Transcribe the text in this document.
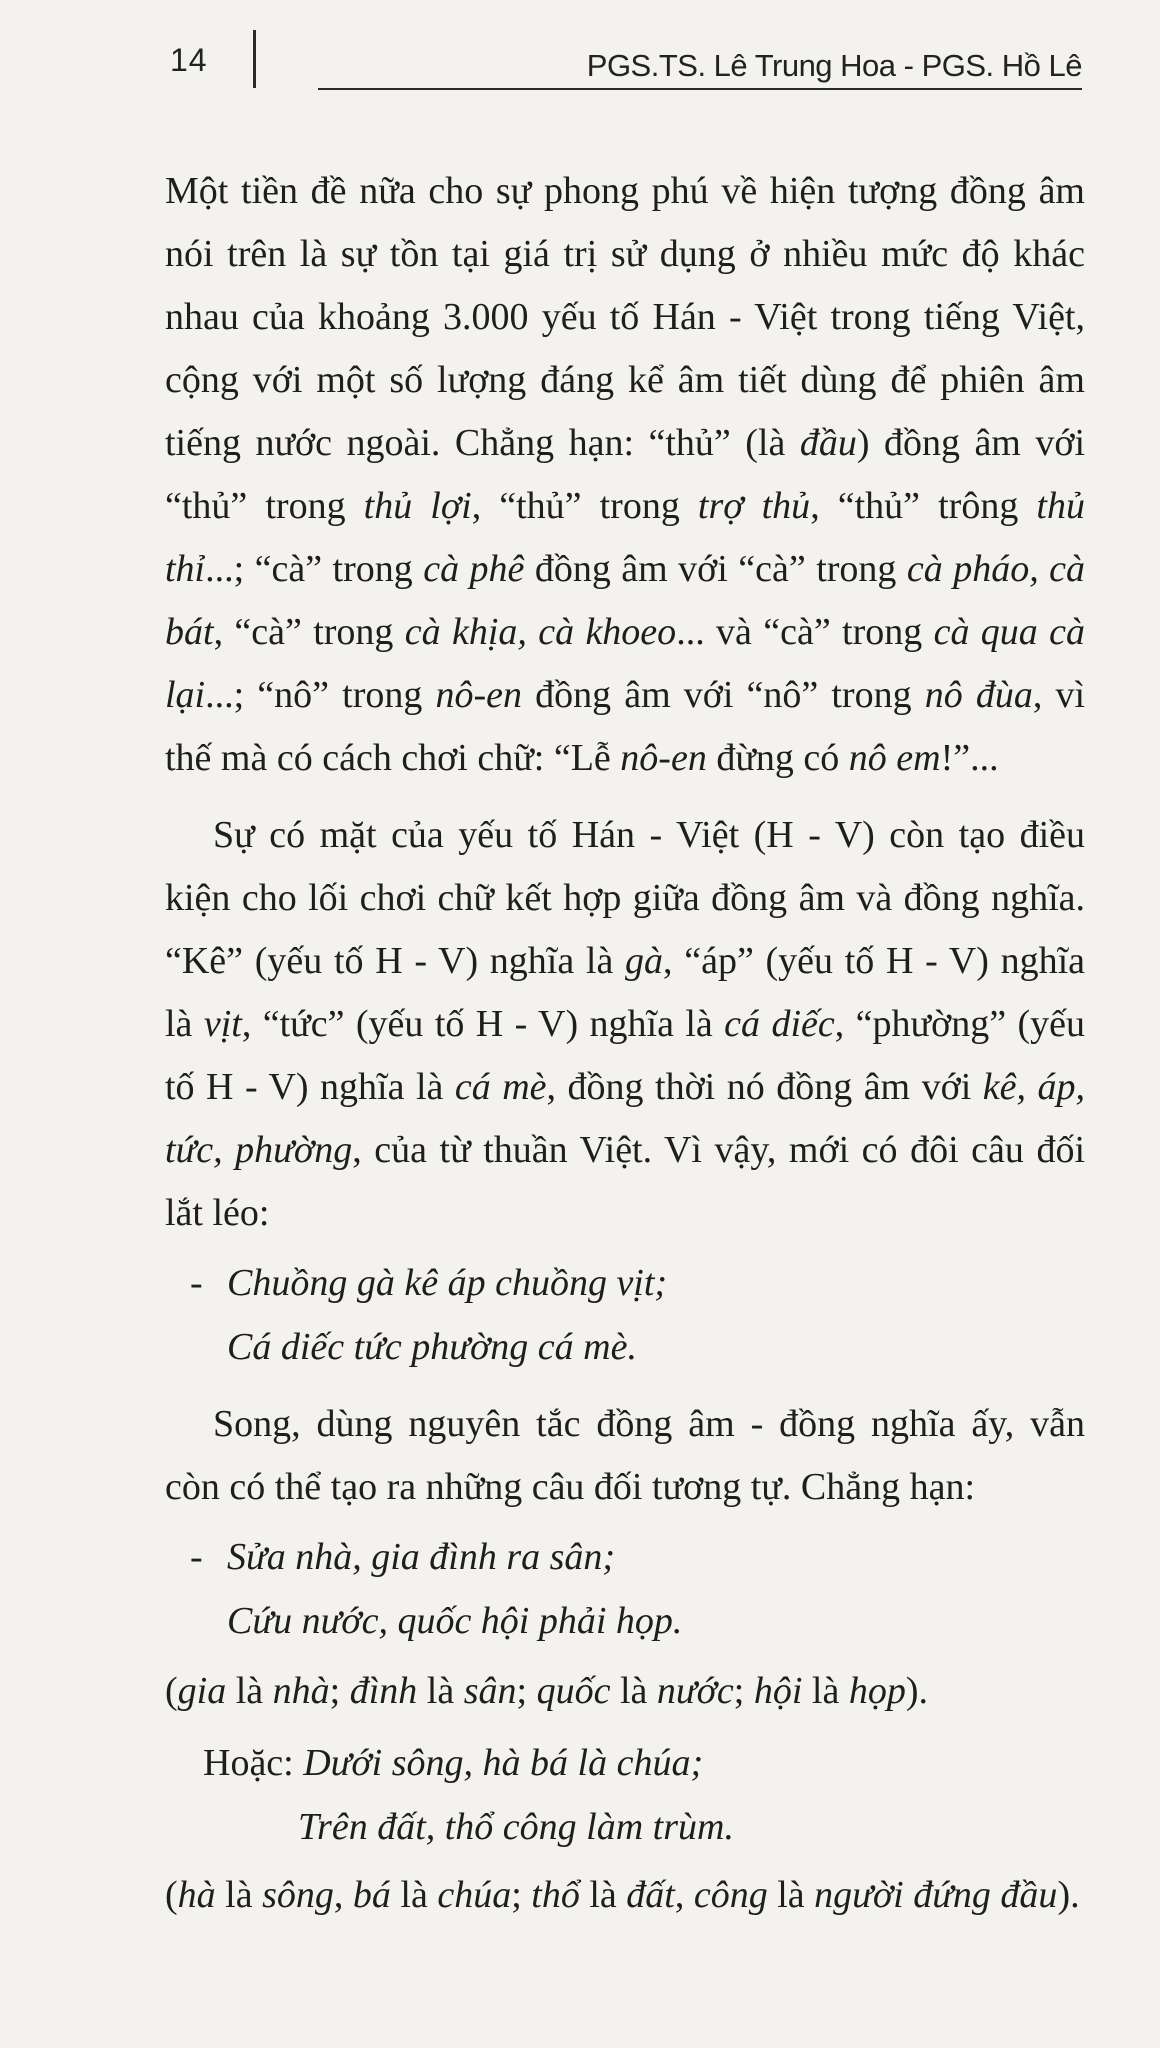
14	PGS.TS. Lê Trung Hoa - PGS. Hồ Lê

Một tiền đề nữa cho sự phong phú về hiện tượng đồng âm nói trên là sự tồn tại giá trị sử dụng ở nhiều mức độ khác nhau của khoảng 3.000 yếu tố Hán - Việt trong tiếng Việt, cộng với một số lượng đáng kể âm tiết dùng để phiên âm tiếng nước ngoài. Chẳng hạn: “thủ” (là đầu) đồng âm với “thủ” trong thủ lợi, “thủ” trong trợ thủ, “thủ” trông thủ thỉ...; “cà” trong cà phê đồng âm với “cà” trong cà pháo, cà bát, “cà” trong cà khịa, cà khoeo... và “cà” trong cà qua cà lại...; “nô” trong nô-en đồng âm với “nô” trong nô đùa, vì thế mà có cách chơi chữ: “Lễ nô-en đừng có nô em!”...

Sự có mặt của yếu tố Hán - Việt (H - V) còn tạo điều kiện cho lối chơi chữ kết hợp giữa đồng âm và đồng nghĩa. “Kê” (yếu tố H - V) nghĩa là gà, “áp” (yếu tố H - V) nghĩa là vịt, “tức” (yếu tố H - V) nghĩa là cá diếc, “phường” (yếu tố H - V) nghĩa là cá mè, đồng thời nó đồng âm với kê, áp, tức, phường, của từ thuần Việt. Vì vậy, mới có đôi câu đối lắt léo:

- Chuồng gà kê áp chuồng vịt;
Cá diếc tức phường cá mè.

Song, dùng nguyên tắc đồng âm - đồng nghĩa ấy, vẫn còn có thể tạo ra những câu đối tương tự. Chẳng hạn:

- Sửa nhà, gia đình ra sân;
Cứu nước, quốc hội phải họp.

(gia là nhà; đình là sân; quốc là nước; hội là họp).

Hoặc: Dưới sông, hà bá là chúa;
Trên đất, thổ công làm trùm.

(hà là sông, bá là chúa; thổ là đất, công là người đứng đầu).
